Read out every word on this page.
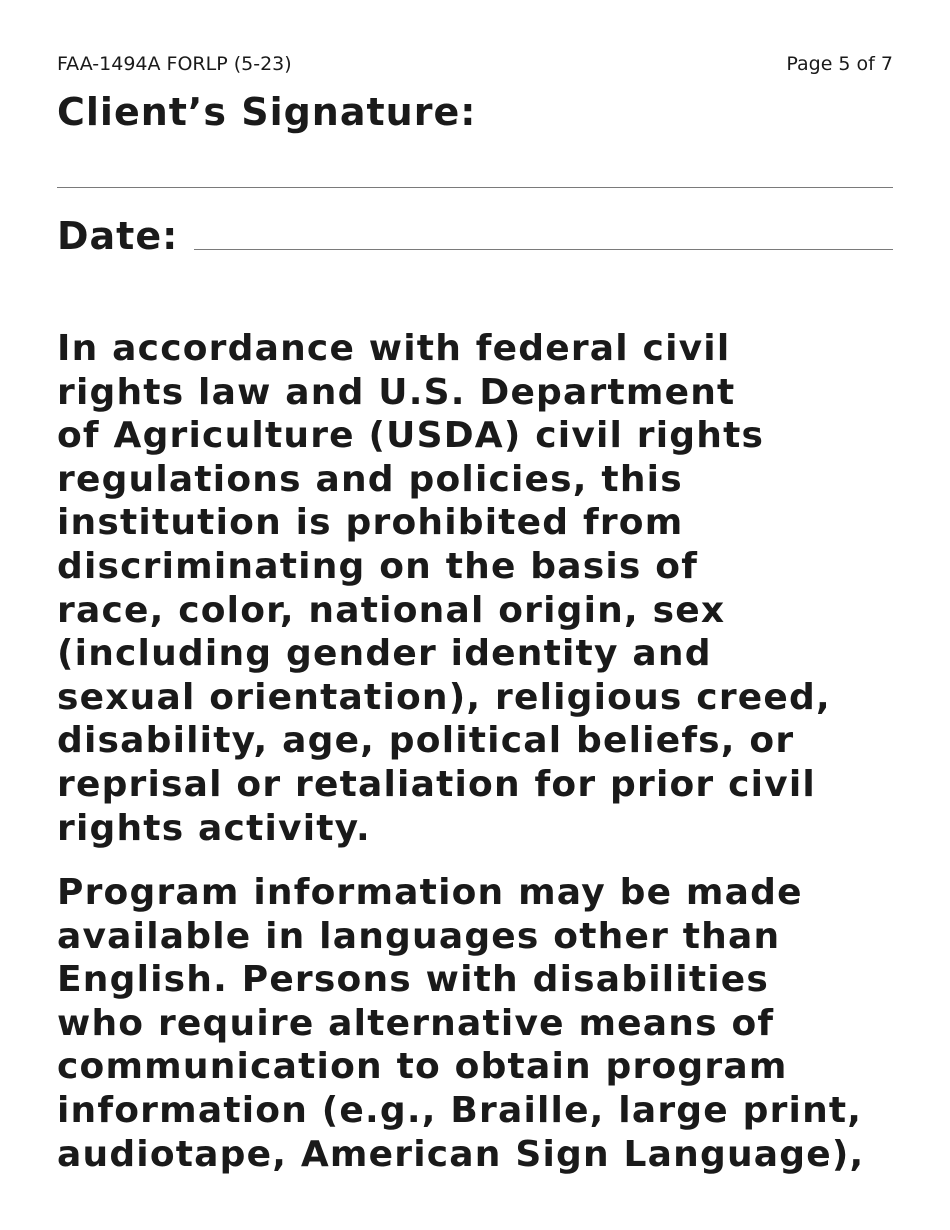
FAA-1494A FORLP (5-23)	Page 5 of 7
Client’s Signature:
Date:

In accordance with federal civil
rights law and U.S. Department
of Agriculture (USDA) civil rights
regulations and policies, this
institution is prohibited from
discriminating on the basis of
race, color, national origin, sex
(including gender identity and
sexual orientation), religious creed,
disability, age, political beliefs, or
reprisal or retaliation for prior civil
rights activity.

Program information may be made
available in languages other than
English. Persons with disabilities
who require alternative means of
communication to obtain program
information (e.g., Braille, large print,
audiotape, American Sign Language),
